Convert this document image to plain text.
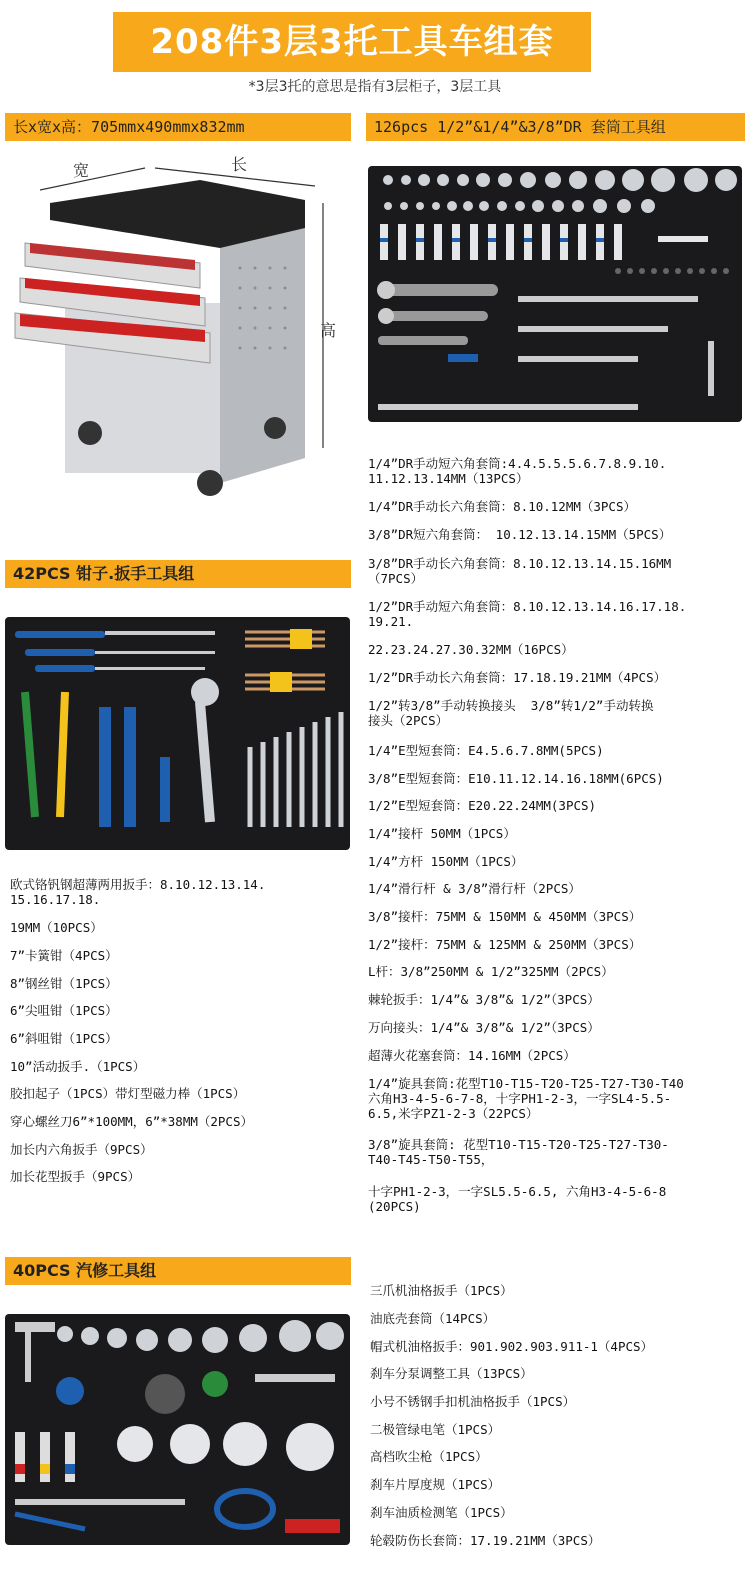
208件3层3托工具车组套
*3层3托的意思是指有3层柜子，3层工具
长x宽x高：705mmx490mmx832mm
宽	长
高
126pcs 1/2”&1/4”&3/8”DR 套筒工具组
1/4”DR手动短六角套筒:4.4.5.5.5.6.7.8.9.10.
11.12.13.14MM（13PCS）
1/4”DR手动长六角套筒：8.10.12MM（3PCS）
3/8”DR短六角套筒： 10.12.13.14.15MM（5PCS）
3/8”DR手动长六角套筒：8.10.12.13.14.15.16MM
（7PCS）
1/2”DR手动短六角套筒：8.10.12.13.14.16.17.18.
19.21.
22.23.24.27.30.32MM（16PCS）
1/2”DR手动长六角套筒：17.18.19.21MM（4PCS）
1/2”转3/8”手动转换接头  3/8”转1/2”手动转换
接头（2PCS）
1/4”E型短套筒：E4.5.6.7.8MM(5PCS)
3/8”E型短套筒：E10.11.12.14.16.18MM(6PCS)
1/2”E型短套筒：E20.22.24MM(3PCS)
1/4”接杆 50MM（1PCS）
1/4”方杆 150MM（1PCS）
1/4”滑行杆 & 3/8”滑行杆（2PCS）
3/8”接杆：75MM & 150MM & 450MM（3PCS）
1/2”接杆：75MM & 125MM & 250MM（3PCS）
L杆：3/8”250MM & 1/2”325MM（2PCS）
棘轮扳手：1/4”& 3/8”& 1/2”（3PCS）
万向接头：1/4”& 3/8”& 1/2”（3PCS）
超薄火花塞套筒：14.16MM（2PCS）
1/4”旋具套筒:花型T10-T15-T20-T25-T27-T30-T40
六角H3-4-5-6-7-8，十字PH1-2-3，一字SL4-5.5-
6.5,米字PZ1-2-3（22PCS）
3/8”旋具套筒: 花型T10-T15-T20-T25-T27-T30-
T40-T45-T50-T55，
十字PH1-2-3，一字SL5.5-6.5, 六角H3-4-5-6-8
(20PCS)
42PCS 钳子.扳手工具组
欧式铬钒钢超薄两用扳手：8.10.12.13.14.
15.16.17.18.
19MM（10PCS）
7”卡簧钳（4PCS）
8”钢丝钳（1PCS）
6”尖咀钳（1PCS）
6”斜咀钳（1PCS）
10”活动扳手.（1PCS）
胶扣起子（1PCS）带灯型磁力棒（1PCS）
穿心螺丝刀6”*100MM，6”*38MM（2PCS）
加长内六角扳手（9PCS）
加长花型扳手（9PCS）
40PCS 汽修工具组
三爪机油格扳手（1PCS）
油底壳套筒（14PCS）
帽式机油格扳手：901.902.903.911-1（4PCS）
刹车分泵调整工具（13PCS）
小号不锈钢手扣机油格扳手（1PCS）
二极管绿电笔（1PCS）
高档吹尘枪（1PCS）
刹车片厚度规（1PCS）
刹车油质检测笔（1PCS）
轮毂防伤长套筒：17.19.21MM（3PCS）
